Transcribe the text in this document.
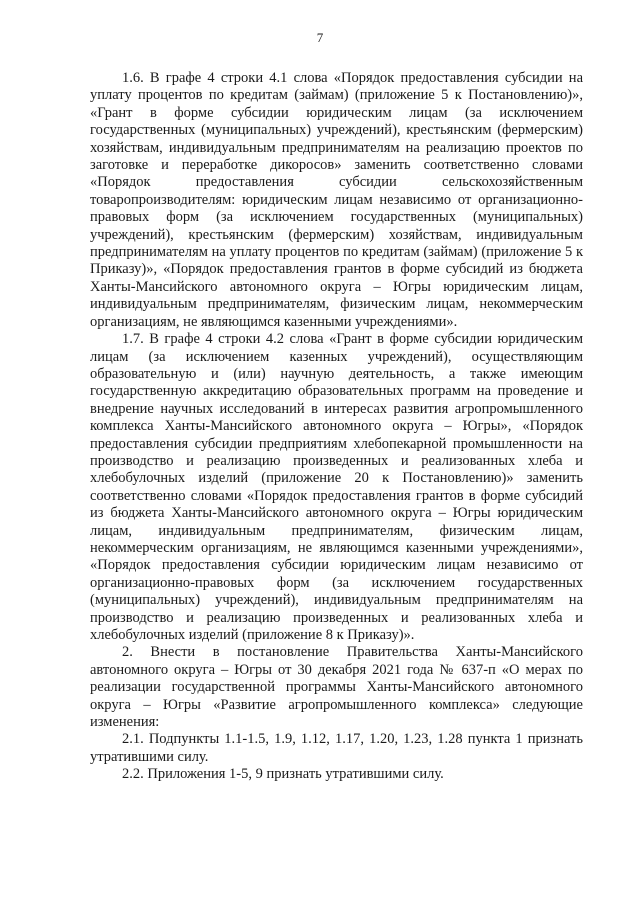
7

1.6. В графе 4 строки 4.1 слова «Порядок предоставления субсидии на уплату процентов по кредитам (займам) (приложение 5 к Постановлению)», «Грант в форме субсидии юридическим лицам (за исключением государственных (муниципальных) учреждений), крестьянским (фермерским) хозяйствам, индивидуальным предпринимателям на реализацию проектов по заготовке и переработке дикоросов» заменить соответственно словами «Порядок предоставления субсидии сельскохозяйственным товаропроизводителям: юридическим лицам независимо от организационно-правовых форм (за исключением государственных (муниципальных) учреждений), крестьянским (фермерским) хозяйствам, индивидуальным предпринимателям на уплату процентов по кредитам (займам) (приложение 5 к Приказу)», «Порядок предоставления грантов в форме субсидий из бюджета Ханты-Мансийского автономного округа – Югры юридическим лицам, индивидуальным предпринимателям, физическим лицам, некоммерческим организациям, не являющимся казенными учреждениями».

1.7. В графе 4 строки 4.2 слова «Грант в форме субсидии юридическим лицам (за исключением казенных учреждений), осуществляющим образовательную и (или) научную деятельность, а также имеющим государственную аккредитацию образовательных программ на проведение и внедрение научных исследований в интересах развития агропромышленного комплекса Ханты-Мансийского автономного округа – Югры», «Порядок предоставления субсидии предприятиям хлебопекарной промышленности на производство и реализацию произведенных и реализованных хлеба и хлебобулочных изделий (приложение 20 к Постановлению)» заменить соответственно словами «Порядок предоставления грантов в форме субсидий из бюджета Ханты-Мансийского автономного округа – Югры юридическим лицам, индивидуальным предпринимателям, физическим лицам, некоммерческим организациям, не являющимся казенными учреждениями», «Порядок предоставления субсидии юридическим лицам независимо от организационно-правовых форм (за исключением государственных (муниципальных) учреждений), индивидуальным предпринимателям на производство и реализацию произведенных и реализованных хлеба и хлебобулочных изделий (приложение 8 к Приказу)».

2. Внести в постановление Правительства Ханты-Мансийского автономного округа – Югры от 30 декабря 2021 года № 637-п «О мерах по реализации государственной программы Ханты-Мансийского автономного округа – Югры «Развитие агропромышленного комплекса» следующие изменения:

2.1. Подпункты 1.1-1.5, 1.9, 1.12, 1.17, 1.20, 1.23, 1.28 пункта 1 признать утратившими силу.

2.2. Приложения 1-5, 9 признать утратившими силу.
